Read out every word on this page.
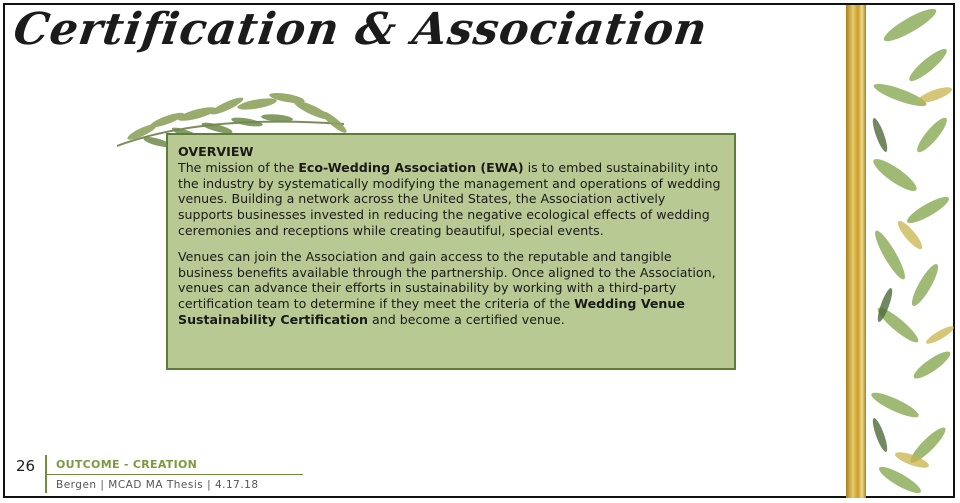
Certification & Association
OVERVIEW
The mission of the Eco-Wedding Association (EWA) is to embed sustainability into the industry by systematically modifying the management and operations of wedding venues. Building a network across the United States, the Association actively supports businesses invested in reducing the negative ecological effects of wedding ceremonies and receptions while creating beautiful, special events.
Venues can join the Association and gain access to the reputable and tangible business benefits available through the partnership. Once aligned to the Association, venues can advance their efforts in sustainability by working with a third-party certification team to determine if they meet the criteria of the Wedding Venue Sustainability Certification and become a certified venue.
26 OUTCOME - CREATION
Bergen | MCAD MA Thesis | 4.17.18
